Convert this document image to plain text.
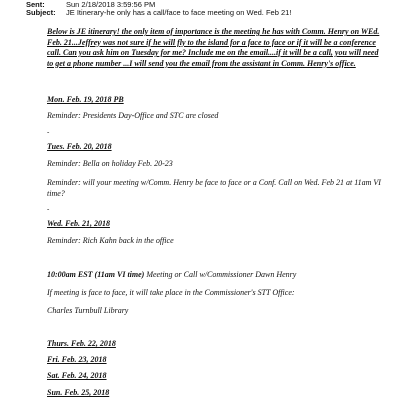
Sent:	Sun 2/18/2018 3:59:56 PM
Subject: JE Itinerary-he only has a call/face to face meeting on Wed. Feb 21!
Below is JE itinerary! the only item of importance is the meeting he has with Comm. Henry on WEd. Feb. 21...Jeffrey was not sure if he will fly to the island for a face to face or if it will be a conference call. Can you ask him on Tuesday for me? Include me on the email....if it will be a call, you will need to get a phone number ...I will send you the email from the assistant in Comm. Henry's office.
Mon. Feb. 19, 2018 PB
Reminder: Presidents Day-Office and STC are closed
-
Tues. Feb. 20, 2018
Reminder: Bella on holiday Feb. 20-23
Reminder: will your meeting w/Comm. Henry be face to face or a Conf. Call on Wed. Feb 21 at 11am VI time?
-
Wed. Feb. 21, 2018
Reminder: Rich Kahn back in the office
10:00am EST (11am VI time) Meeting or Call w/Commissioner Dawn Henry
If meeting is face to face, it will take place in the Commissioner's STT Office:
Charles Turnbull Library
Thurs. Feb. 22, 2018
Fri. Feb. 23, 2018
Sat. Feb. 24, 2018
Sun. Feb. 25, 2018
